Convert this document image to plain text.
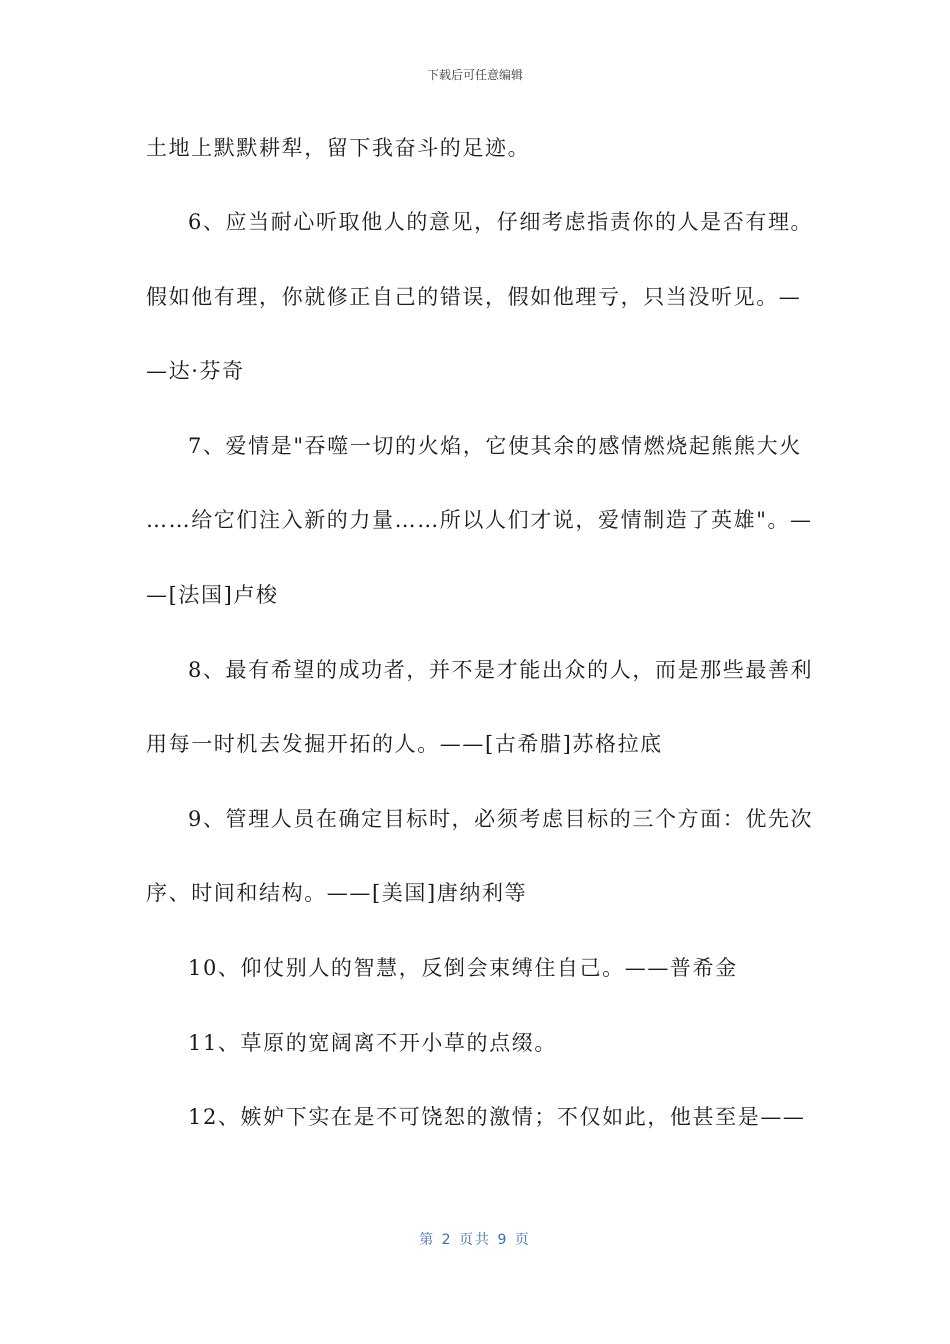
下载后可任意编辑
土地上默默耕犁，留下我奋斗的足迹。
6、应当耐心听取他人的意见，仔细考虑指责你的人是否有理。
假如他有理，你就修正自己的错误，假如他理亏，只当没听见。—
—达·芬奇
7、爱情是"吞噬一切的火焰，它使其余的感情燃烧起熊熊大火
……给它们注入新的力量……所以人们才说，爱情制造了英雄"。—
—[法国]卢梭
8、最有希望的成功者，并不是才能出众的人，而是那些最善利
用每一时机去发掘开拓的人。——[古希腊]苏格拉底
9、管理人员在确定目标时，必须考虑目标的三个方面：优先次
序、时间和结构。——[美国]唐纳利等
10、仰仗别人的智慧，反倒会束缚住自己。——普希金
11、草原的宽阔离不开小草的点缀。
12、嫉妒下实在是不可饶恕的激情；不仅如此，他甚至是——
第 2 页共 9 页
